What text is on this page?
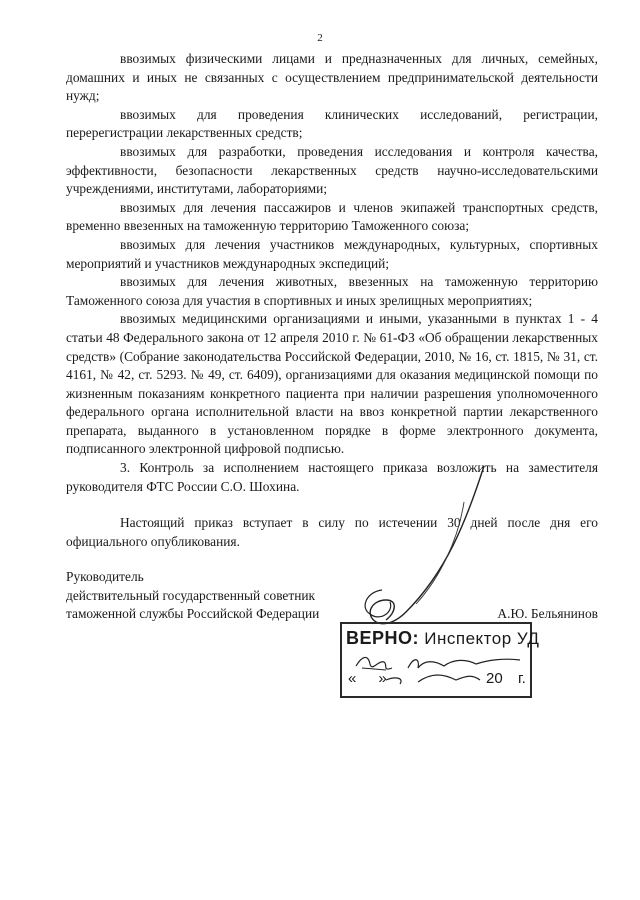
2

ввозимых физическими лицами и предназначенных для личных, семейных, домашних и иных не связанных с осуществлением предпринимательской деятельности нужд;

ввозимых для проведения клинических исследований, регистрации, перерегистрации лекарственных средств;

ввозимых для разработки, проведения исследования и контроля качества, эффективности, безопасности лекарственных средств научно-исследовательскими учреждениями, институтами, лабораториями;

ввозимых для лечения пассажиров и членов экипажей транспортных средств, временно ввезенных на таможенную территорию Таможенного союза;

ввозимых для лечения участников международных, культурных, спортивных мероприятий и участников международных экспедиций;

ввозимых для лечения животных, ввезенных на таможенную территорию Таможенного союза для участия в спортивных и иных зрелищных мероприятиях;

ввозимых медицинскими организациями и иными, указанными в пунктах 1 - 4 статьи 48 Федерального закона от 12 апреля 2010 г. № 61-ФЗ «Об обращении лекарственных средств» (Собрание законодательства Российской Федерации, 2010, № 16, ст. 1815, № 31, ст. 4161, № 42, ст. 5293. № 49, ст. 6409), организациями для оказания медицинской помощи по жизненным показаниям конкретного пациента при наличии разрешения уполномоченного федерального органа исполнительной власти на ввоз конкретной партии лекарственного препарата, выданного в установленном порядке в форме электронного документа, подписанного электронной цифровой подписью.

3. Контроль за исполнением настоящего приказа возложить на заместителя руководителя ФТС России С.О. Шохина.

Настоящий приказ вступает в силу по истечении 30 дней после дня его официального опубликования.

Руководитель
действительный государственный советник
таможенной службы Российской Федерации	А.Ю. Бельянинов
ВЕРНО: Инспектор УД
« »	20 г.
